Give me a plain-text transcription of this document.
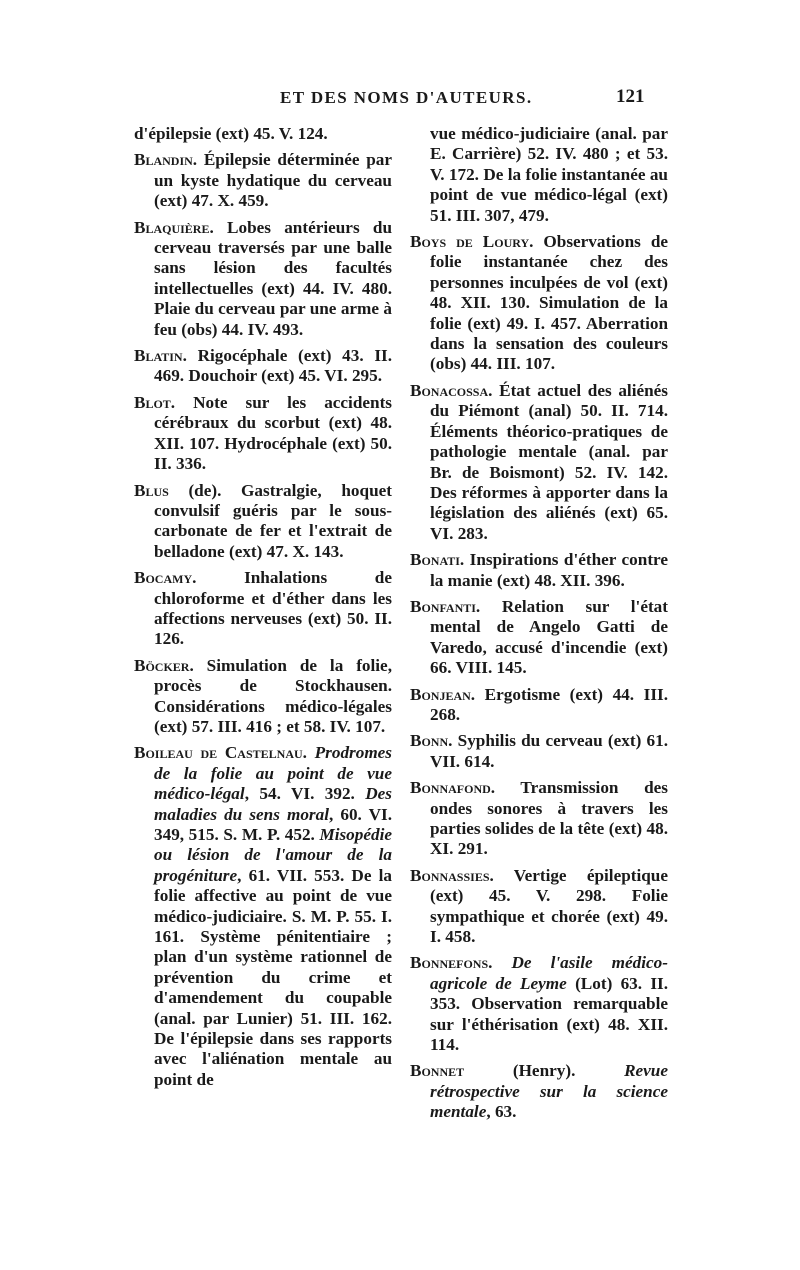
ET DES NOMS D'AUTEURS.	121

d'épilepsie (ext) 45. V. 124.

Blandin. Épilepsie déterminée par un kyste hydatique du cerveau (ext) 47. X. 459.

Blaquière. Lobes antérieurs du cerveau traversés par une balle sans lésion des facultés intellectuelles (ext) 44. IV. 480. Plaie du cerveau par une arme à feu (obs) 44. IV. 493.

Blatin. Rigocéphale (ext) 43. II. 469. Douchoir (ext) 45. VI. 295.

Blot. Note sur les accidents cérébraux du scorbut (ext) 48. XII. 107. Hydrocéphale (ext) 50. II. 336.

Blus (de). Gastralgie, hoquet convulsif guéris par le sous-carbonate de fer et l'extrait de belladone (ext) 47. X. 143.

Bocamy. Inhalations de chloroforme et d'éther dans les affections nerveuses (ext) 50. II. 126.

Böcker. Simulation de la folie, procès de Stockhausen. Considérations médico-légales (ext) 57. III. 416 ; et 58. IV. 107.

Boileau de Castelnau. Prodromes de la folie au point de vue médico-légal, 54. VI. 392. Des maladies du sens moral, 60. VI. 349, 515. S. M. P. 452. Misopédie ou lésion de l'amour de la progéniture, 61. VII. 553. De la folie affective au point de vue médico-judiciaire. S. M. P. 55. I. 161. Système pénitentiaire ; plan d'un système rationnel de prévention du crime et d'amendement du coupable (anal. par Lunier) 51. III. 162. De l'épilepsie dans ses rapports avec l'aliénation mentale au point de

vue médico-judiciaire (anal. par E. Carrière) 52. IV. 480 ; et 53. V. 172. De la folie instantanée au point de vue médico-légal (ext) 51. III. 307, 479.

Boys de Loury. Observations de folie instantanée chez des personnes inculpées de vol (ext) 48. XII. 130. Simulation de la folie (ext) 49. I. 457. Aberration dans la sensation des couleurs (obs) 44. III. 107.

Bonacossa. État actuel des aliénés du Piémont (anal) 50. II. 714. Éléments théorico-pratiques de pathologie mentale (anal. par Br. de Boismont) 52. IV. 142. Des réformes à apporter dans la législation des aliénés (ext) 65. VI. 283.

Bonati. Inspirations d'éther contre la manie (ext) 48. XII. 396.

Bonfanti. Relation sur l'état mental de Angelo Gatti de Varedo, accusé d'incendie (ext) 66. VIII. 145.

Bonjean. Ergotisme (ext) 44. III. 268.

Bonn. Syphilis du cerveau (ext) 61. VII. 614.

Bonnafond. Transmission des ondes sonores à travers les parties solides de la tête (ext) 48. XI. 291.

Bonnassies. Vertige épileptique (ext) 45. V. 298. Folie sympathique et chorée (ext) 49. I. 458.

Bonnefons. De l'asile médico-agricole de Leyme (Lot) 63. II. 353. Observation remarquable sur l'éthérisation (ext) 48. XII. 114.

Bonnet (Henry). Revue rétrospective sur la science mentale, 63.
